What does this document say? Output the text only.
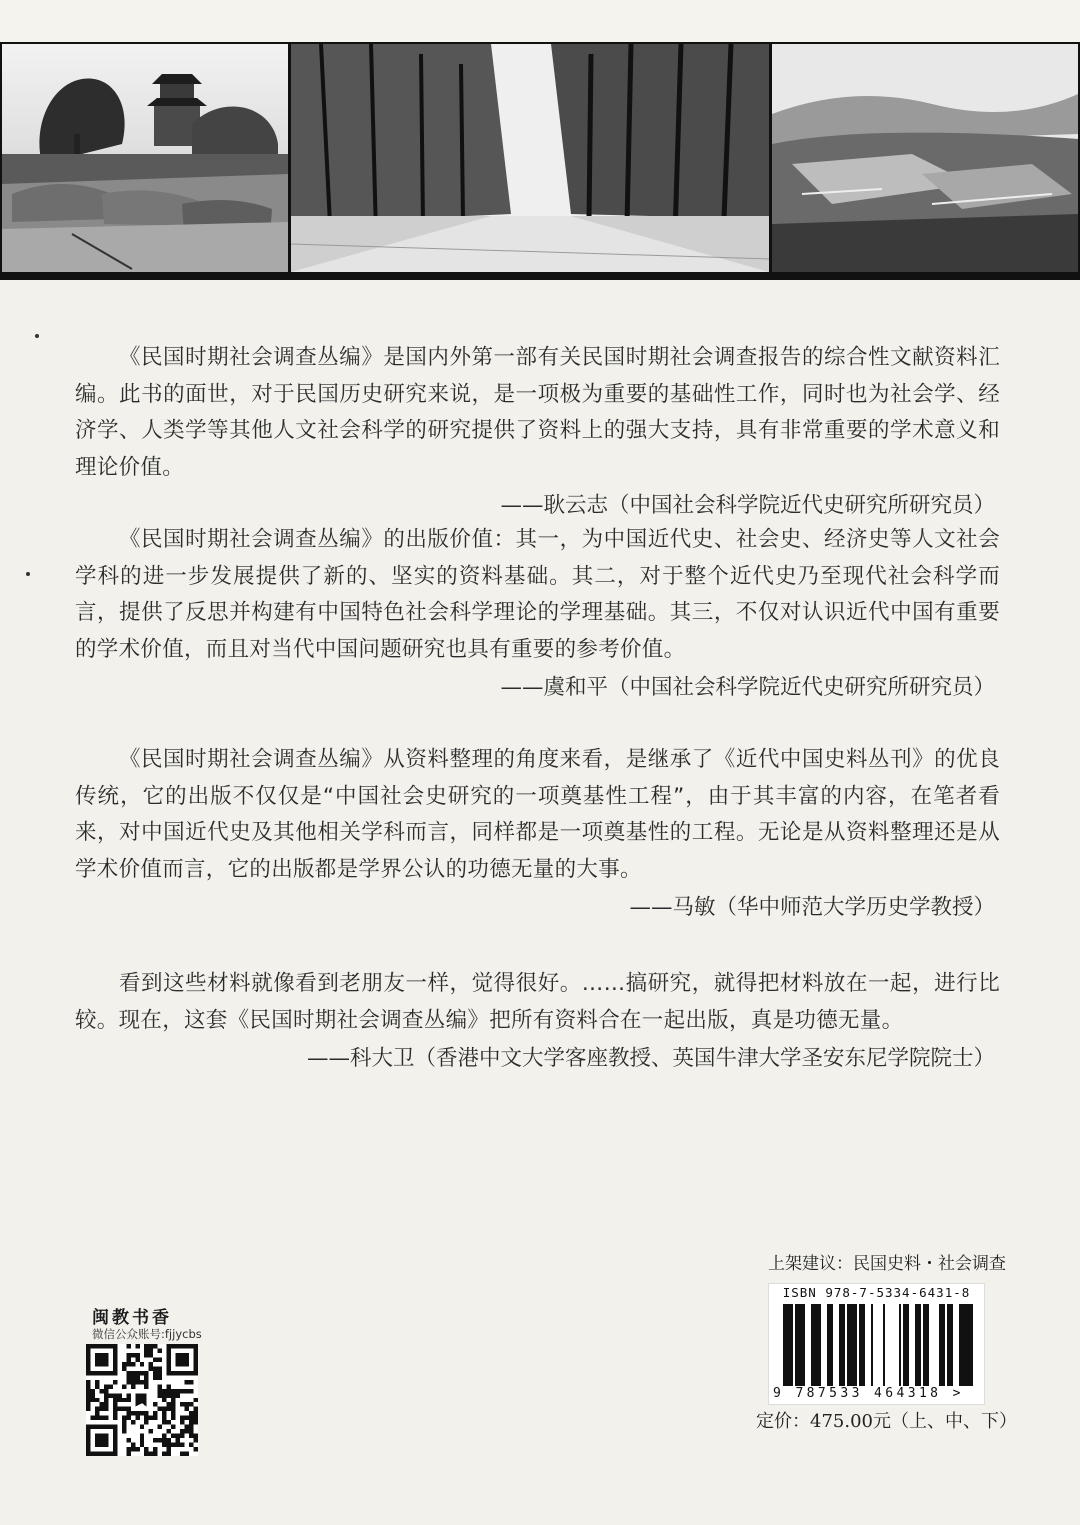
《民国时期社会调查丛编》是国内外第一部有关民国时期社会调查报告的综合性文献资料汇编。此书的面世，对于民国历史研究来说，是一项极为重要的基础性工作，同时也为社会学、经济学、人类学等其他人文社会科学的研究提供了资料上的强大支持，具有非常重要的学术意义和理论价值。

——耿云志（中国社会科学院近代史研究所研究员）

《民国时期社会调查丛编》的出版价值：其一，为中国近代史、社会史、经济史等人文社会学科的进一步发展提供了新的、坚实的资料基础。其二，对于整个近代史乃至现代社会科学而言，提供了反思并构建有中国特色社会科学理论的学理基础。其三，不仅对认识近代中国有重要的学术价值，而且对当代中国问题研究也具有重要的参考价值。

——虞和平（中国社会科学院近代史研究所研究员）

《民国时期社会调查丛编》从资料整理的角度来看，是继承了《近代中国史料丛刊》的优良传统，它的出版不仅仅是“中国社会史研究的一项奠基性工程”，由于其丰富的内容，在笔者看来，对中国近代史及其他相关学科而言，同样都是一项奠基性的工程。无论是从资料整理还是从学术价值而言，它的出版都是学界公认的功德无量的大事。

——马敏（华中师范大学历史学教授）

看到这些材料就像看到老朋友一样，觉得很好。……搞研究，就得把材料放在一起，进行比较。现在，这套《民国时期社会调查丛编》把所有资料合在一起出版，真是功德无量。

——科大卫（香港中文大学客座教授、英国牛津大学圣安东尼学院院士）

闽教书香
微信公众账号:fjjycbs
上架建议：民国史料・社会调查
ISBN 978-7-5334-6431-8
9 787533 464318 >
定价：475.00元（上、中、下）
